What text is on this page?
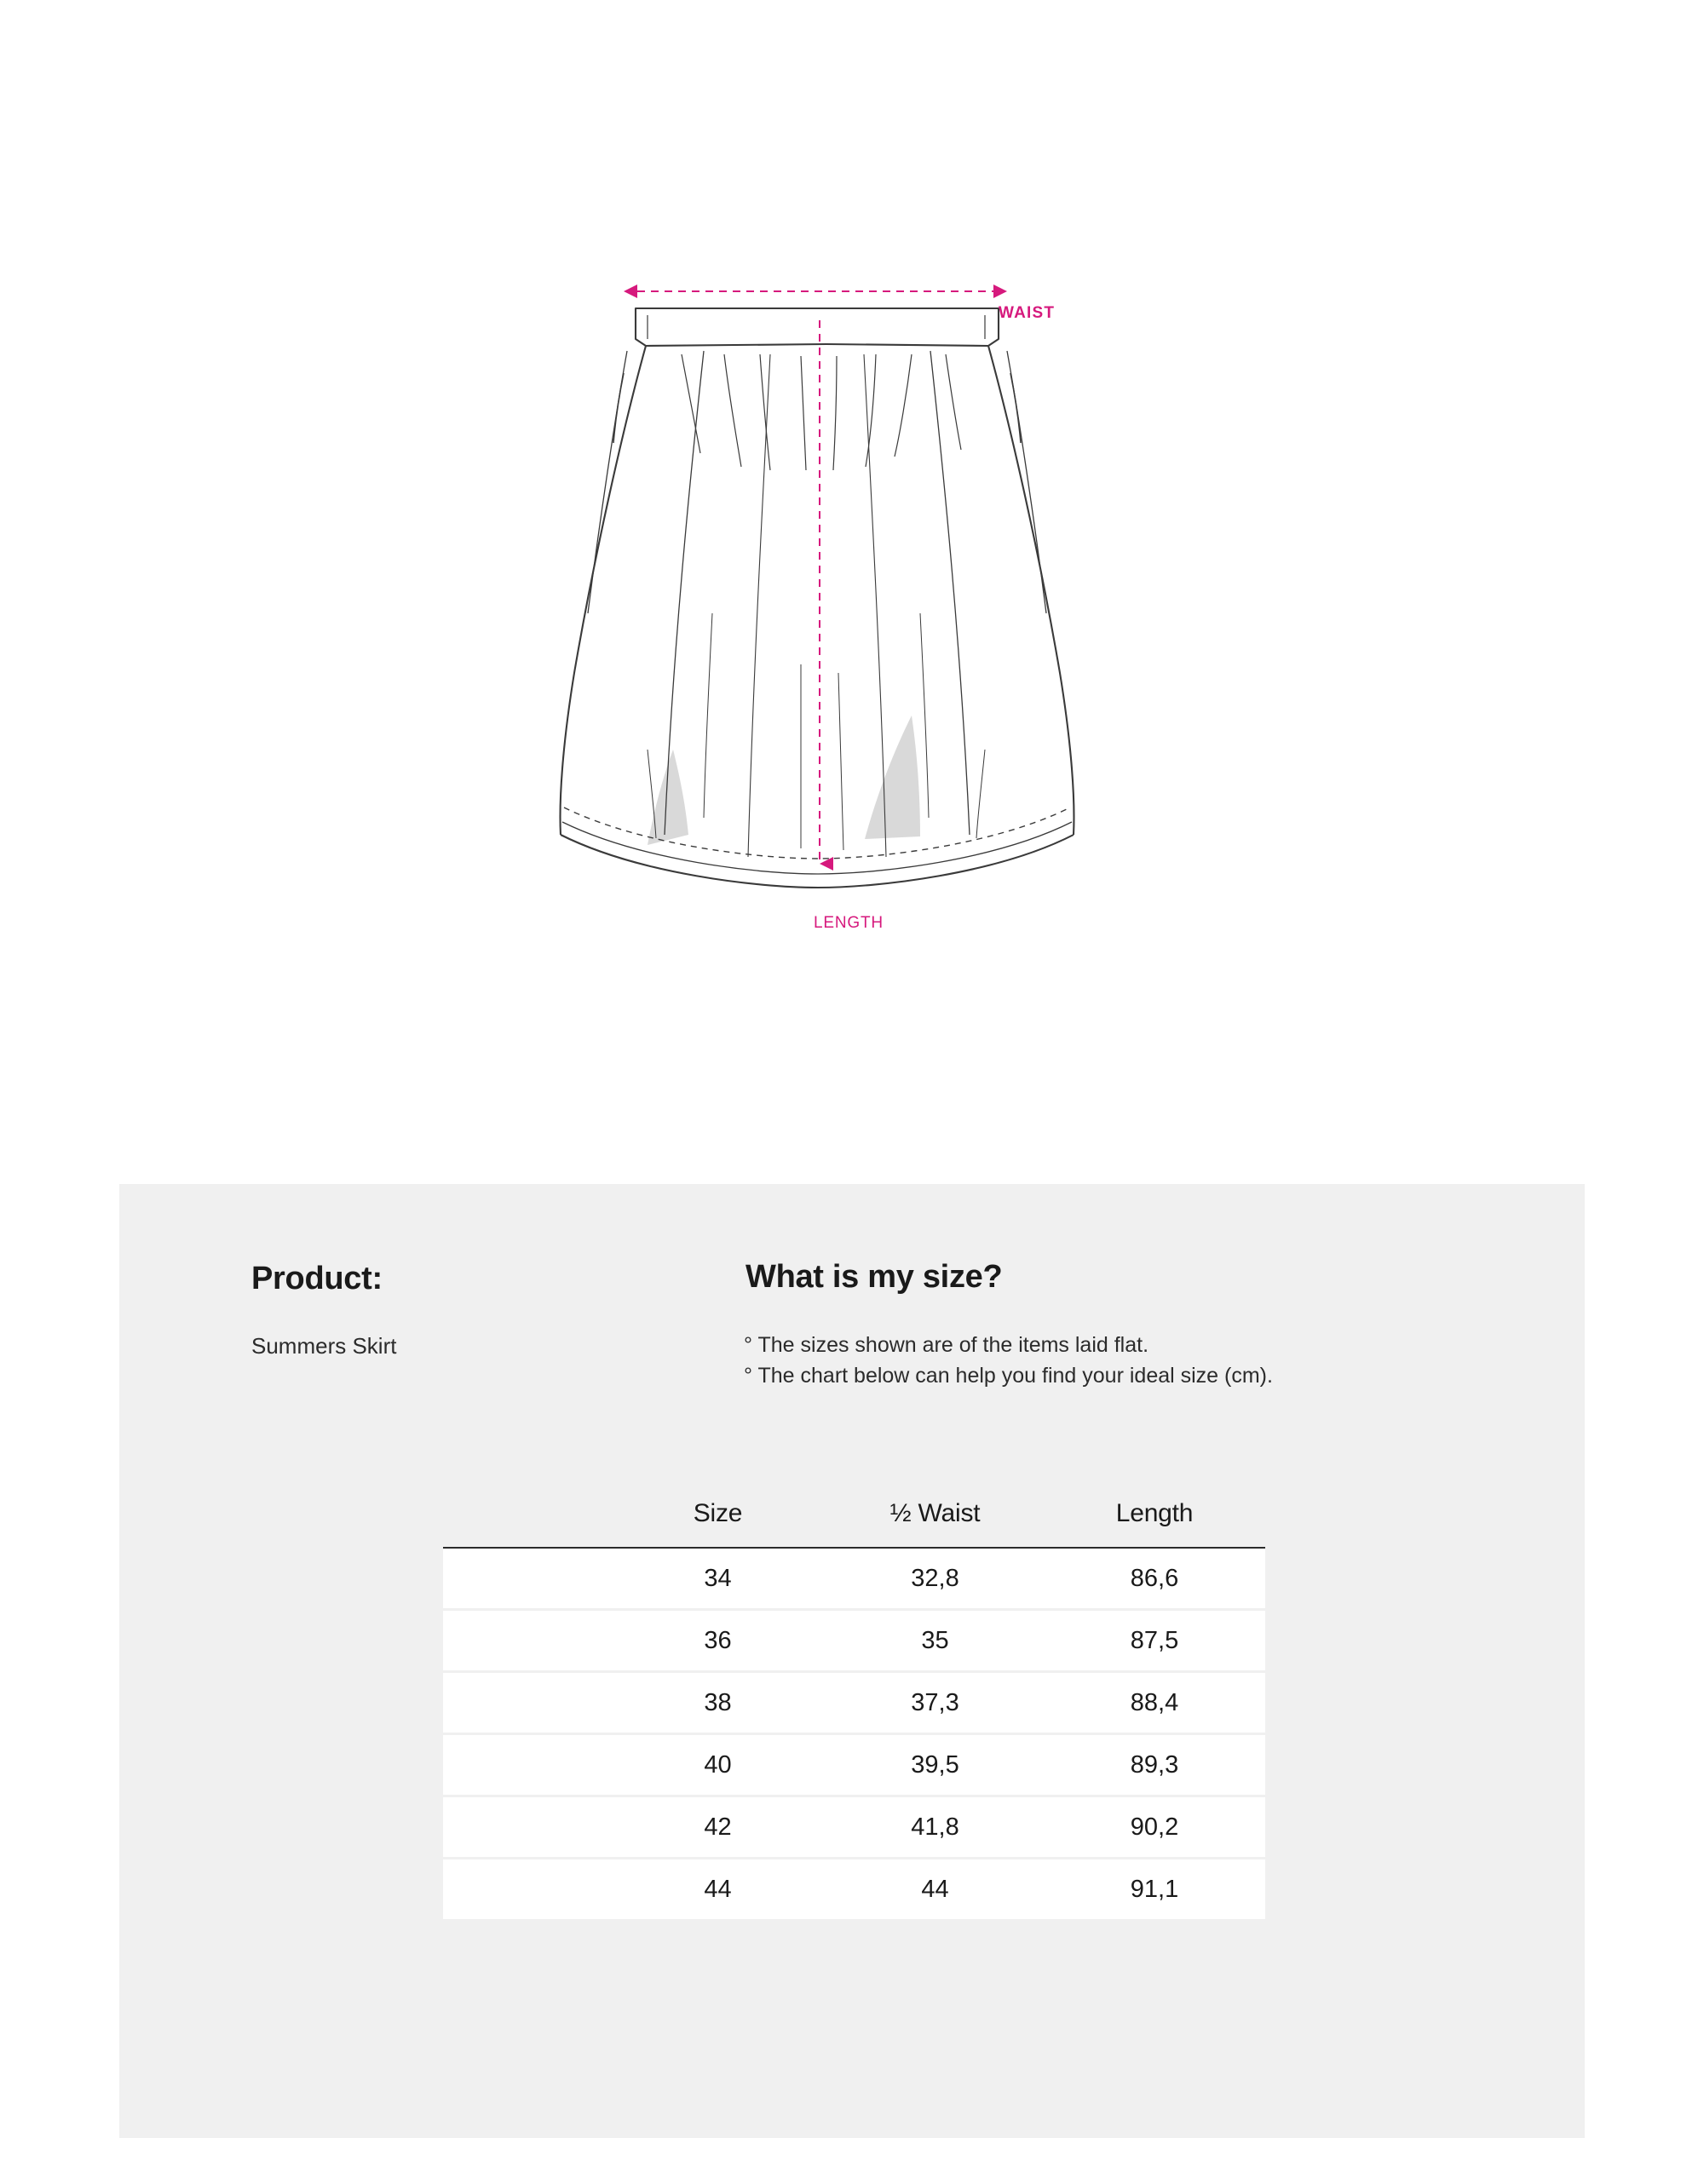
WAIST
LENGTH
Product:
Summers Skirt
What is my size?
° The sizes shown are of the items laid flat.
° The chart below can help you find your ideal size (cm).
	Size	½ Waist	Length
	34	32,8	86,6
	36	35	87,5
	38	37,3	88,4
	40	39,5	89,3
	42	41,8	90,2
	44	44	91,1
